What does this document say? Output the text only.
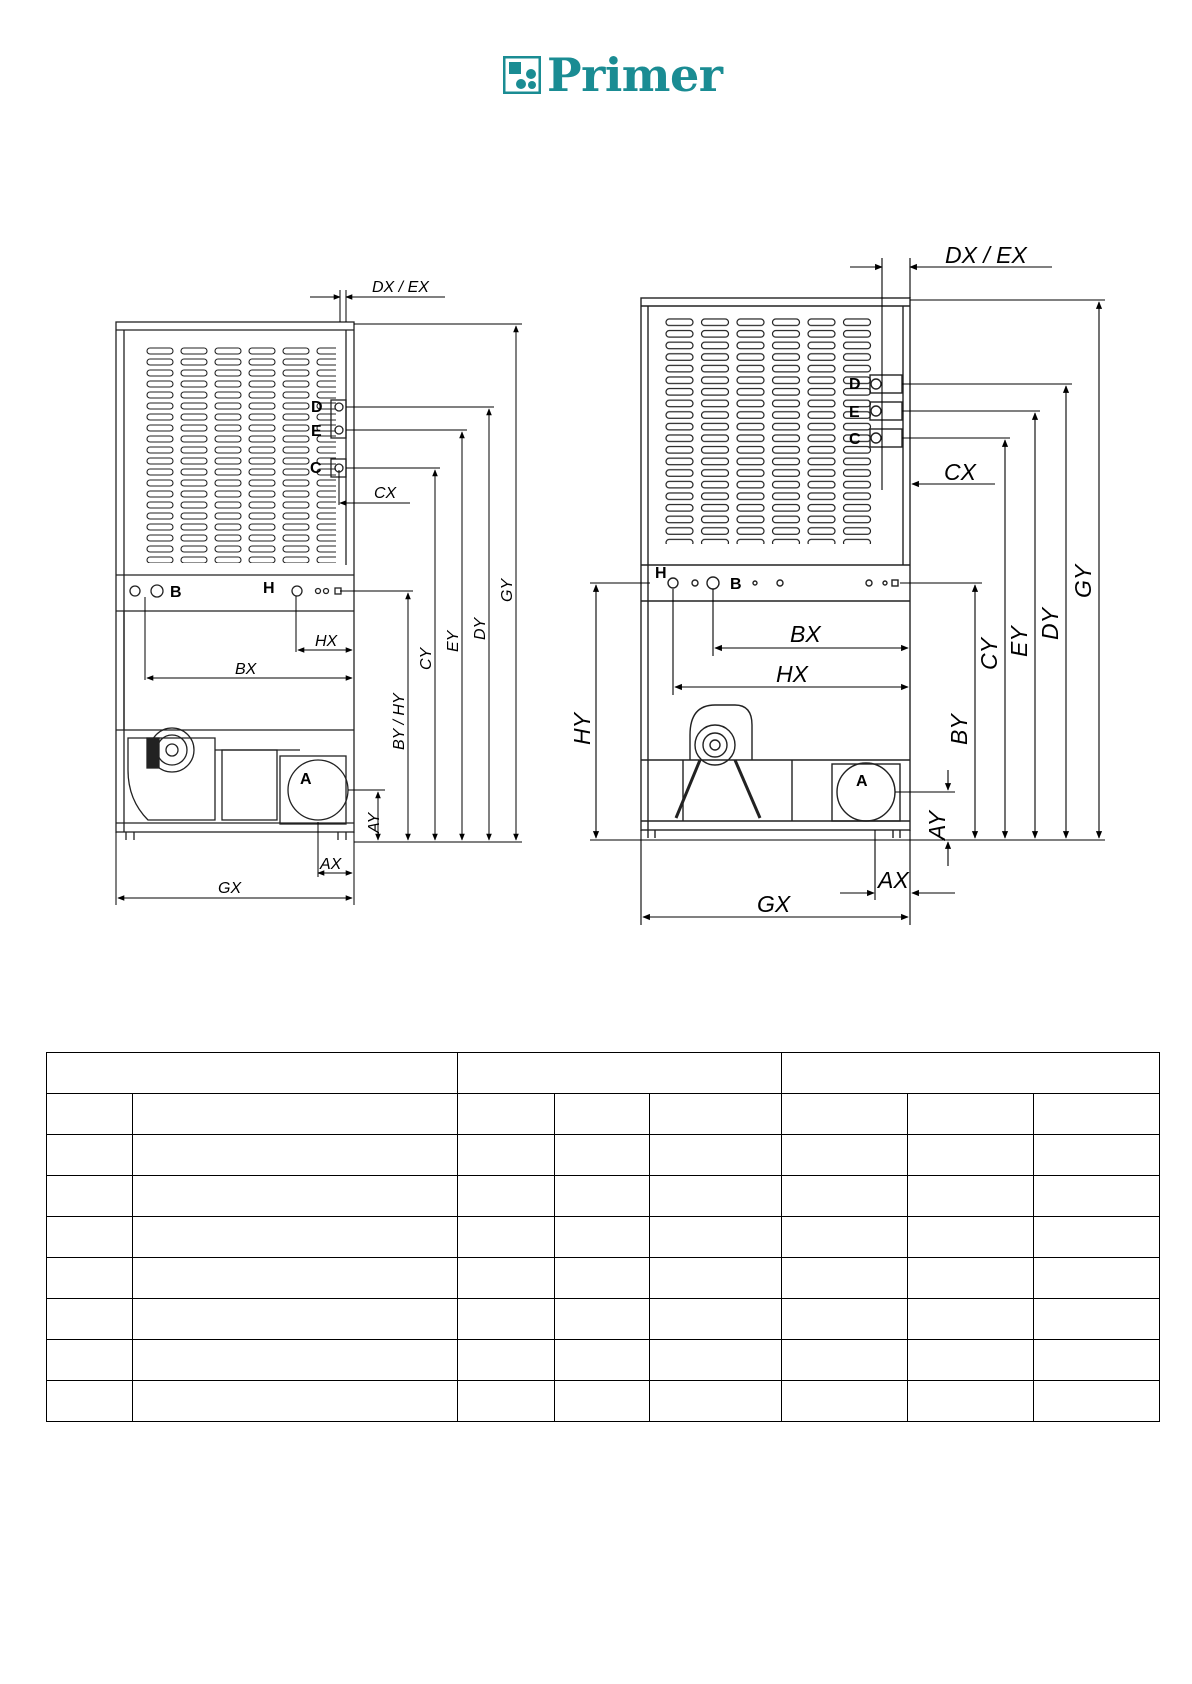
Primer
D
E
C
B	H
A
DX / EX
CX
HX
BX
AX
GX
AY
BY / HY
CY
EY
DY
GY
D
E
C
H
B
A
DX / EX
CX
BX
HX
AX
GX
HY	BY
AY
CY EY
DY
GY
